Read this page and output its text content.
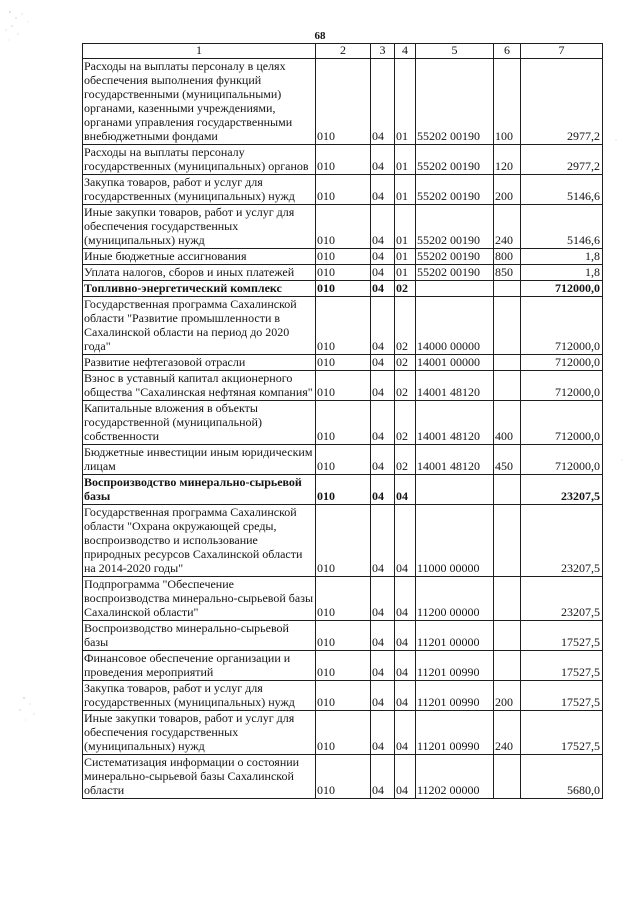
68
1	2	3	4	5	6	7
Расходы на выплаты персоналу в целях обеспечения выполнения функций государственными (муниципальными) органами, казенными учреждениями, органами управления государственными внебюджетными фондами	010	04	01	55202 00190	100	2977,2
Расходы на выплаты персоналу государственных (муниципальных) органов	010	04	01	55202 00190	120	2977,2
Закупка товаров, работ и услуг для государственных (муниципальных) нужд	010	04	01	55202 00190	200	5146,6
Иные закупки товаров, работ и услуг для обеспечения государственных (муниципальных) нужд	010	04	01	55202 00190	240	5146,6
Иные бюджетные ассигнования	010	04	01	55202 00190	800	1,8
Уплата налогов, сборов и иных платежей	010	04	01	55202 00190	850	1,8
Топливно-энергетический комплекс	010	04	02			712000,0
Государственная программа Сахалинской области "Развитие промышленности в Сахалинской области на период до 2020 года"	010	04	02	14000 00000		712000,0
Развитие нефтегазовой отрасли	010	04	02	14001 00000		712000,0
Взнос в уставный капитал акционерного общества "Сахалинская нефтяная компания"	010	04	02	14001 48120		712000,0
Капитальные вложения в объекты государственной (муниципальной) собственности	010	04	02	14001 48120	400	712000,0
Бюджетные инвестиции иным юридическим лицам	010	04	02	14001 48120	450	712000,0
Воспроизводство минерально-сырьевой базы	010	04	04			23207,5
Государственная программа Сахалинской области "Охрана окружающей среды, воспроизводство и использование природных ресурсов Сахалинской области на 2014-2020 годы"	010	04	04	11000 00000		23207,5
Подпрограмма "Обеспечение воспроизводства минерально-сырьевой базы Сахалинской области"	010	04	04	11200 00000		23207,5
Воспроизводство минерально-сырьевой базы	010	04	04	11201 00000		17527,5
Финансовое обеспечение организации и проведения мероприятий	010	04	04	11201 00990		17527,5
Закупка товаров, работ и услуг для государственных (муниципальных) нужд	010	04	04	11201 00990	200	17527,5
Иные закупки товаров, работ и услуг для обеспечения государственных (муниципальных) нужд	010	04	04	11201 00990	240	17527,5
Систематизация информации о состоянии минерально-сырьевой базы Сахалинской области	010	04	04	11202 00000		5680,0
